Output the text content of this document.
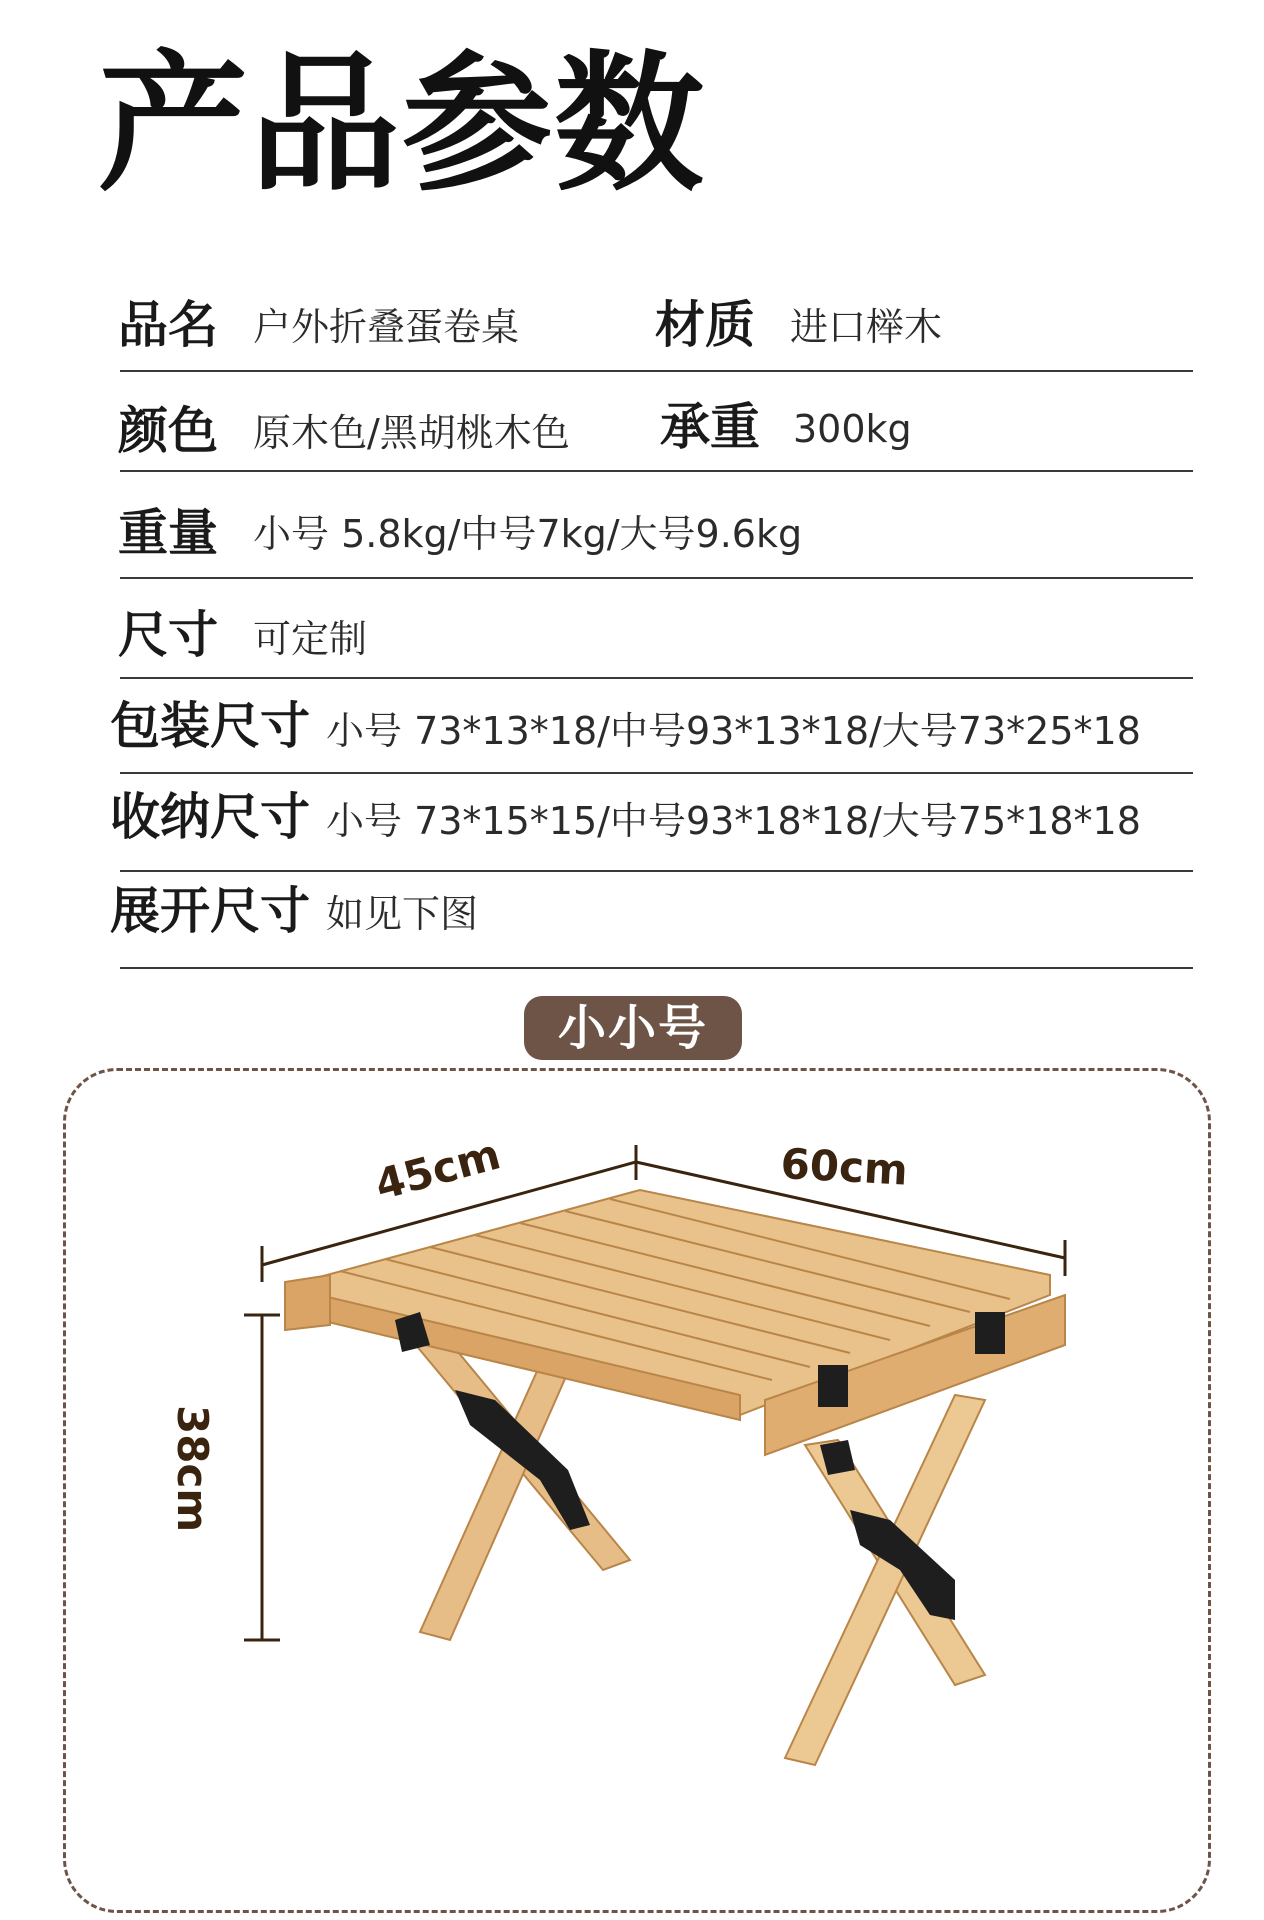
产品参数
品名 户外折叠蛋卷桌	材质 进口榉木
颜色 原木色/黑胡桃木色 承重 300kg
重量 小号 5.8kg/中号7kg/大号9.6kg
尺寸 可定制
包装尺寸 小号 73*13*18/中号93*13*18/大号73*25*18
收纳尺寸 小号 73*15*15/中号93*18*18/大号75*18*18
展开尺寸 如见下图
小小号
45cm	60cm
38cm
